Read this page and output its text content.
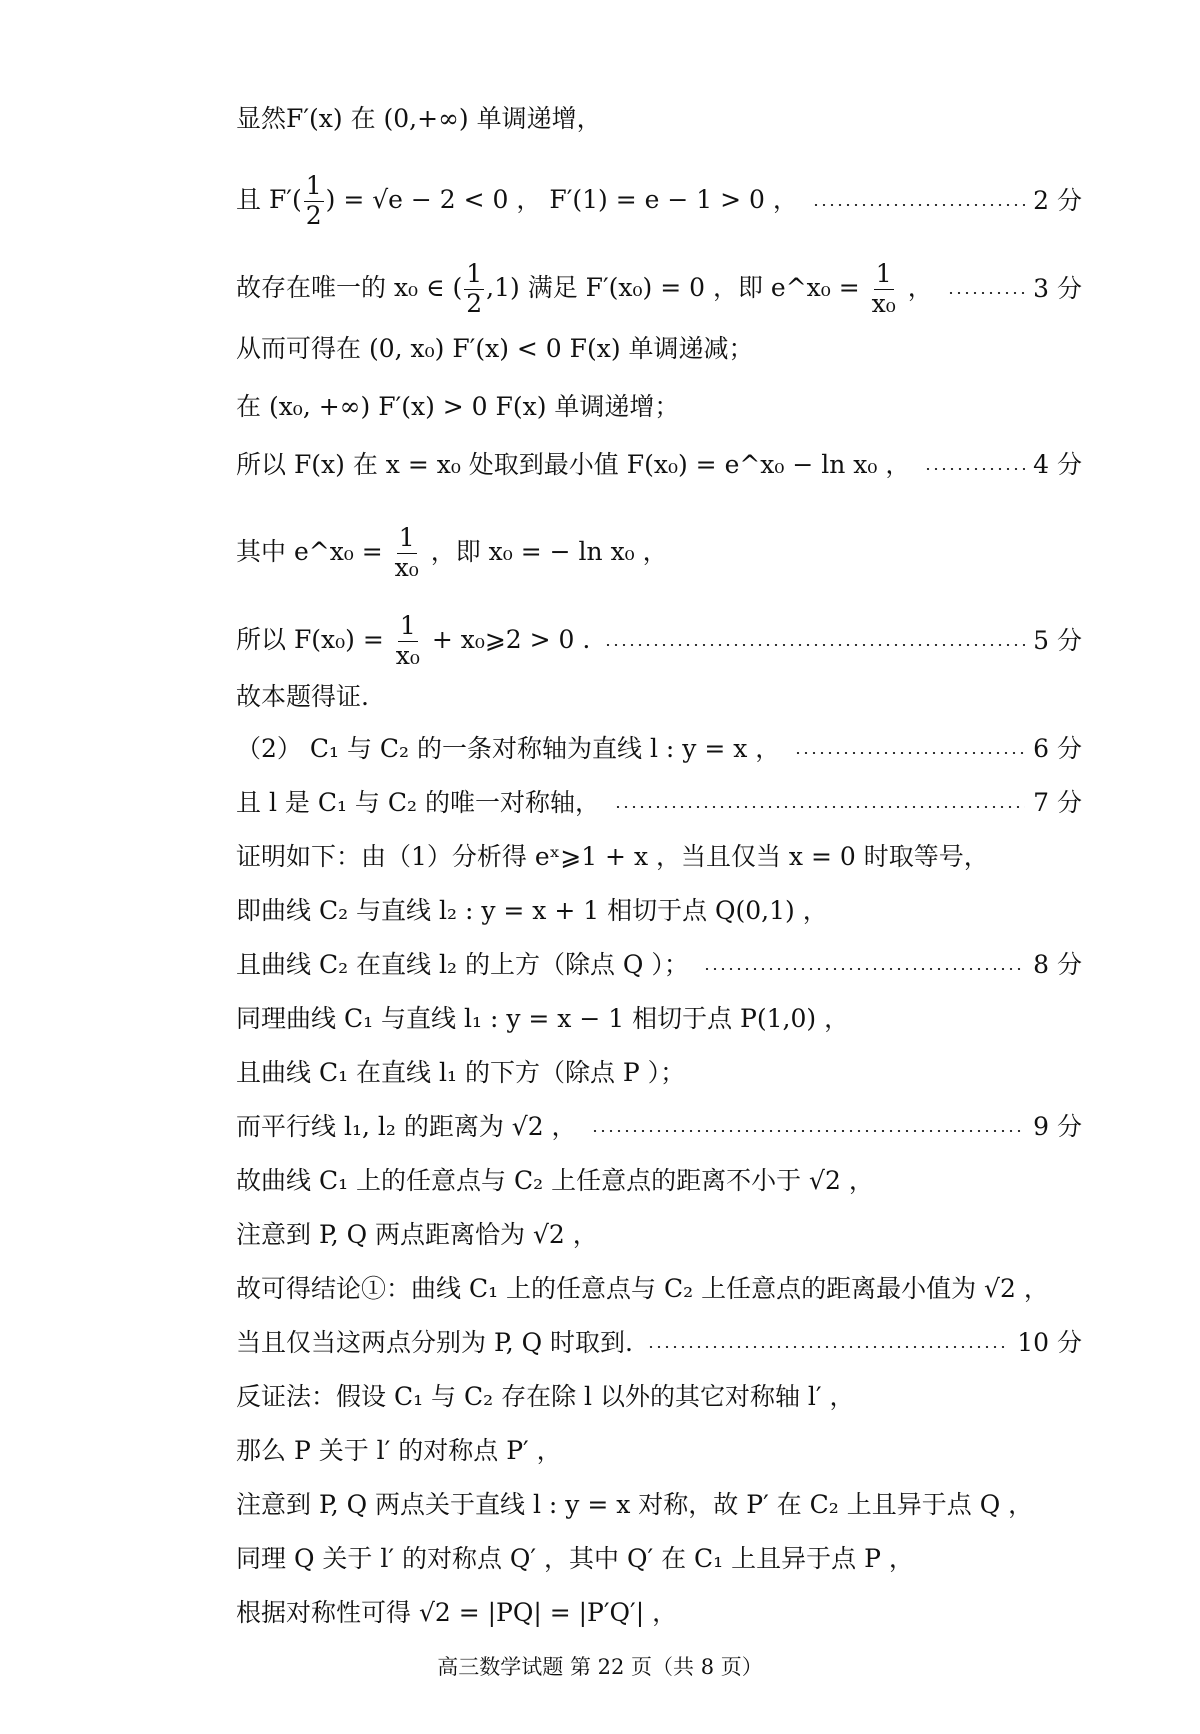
高三数学试题 第 22 页（共 8 页）
显然F′(x) 在 (0,+∞) 单调递增，
且 $F'( \frac{1}{2}$ ) = √e − 2 < 0 ， F′(1) = e − 1 > 0 ，	2 分
故存在唯一的 x₀ ∈ ( $\frac{1}{2} ,1$) 满足 F′(x₀) = 0 ，即 e^x₀ = $\frac{1}{\text{x₀}}$ ，	3 分
从而可得在 (0, x₀) F′(x) < 0 F(x) 单调递减；
在 (x₀, +∞) F′(x) > 0 F(x) 单调递增；
所以 F(x) 在 x = x₀ 处取到最小值 F(x₀) = e^x₀ − ln x₀ ，	4 分
其中 e^x₀ = $\frac{1}{\text{x₀}}$ ，即 x₀ = − ln x₀ ，
所以 $F(x_0) = \frac{1}{\text{x₀}}$ + x₀⩾2 > 0 .	5 分
故本题得证.
（2） C₁ 与 C₂ 的一条对称轴为直线 l : y = x ，	6 分
且 l 是 C₁ 与 C₂ 的唯一对称轴，	7 分
证明如下：由（1）分析得 eˣ⩾1 + x ，当且仅当 x = 0 时取等号，
即曲线 C₂ 与直线 l₂ : y = x + 1 相切于点 Q(0,1) ，
且曲线 C₂ 在直线 l₂ 的上方（除点 Q ）；	8 分
同理曲线 C₁ 与直线 l₁ : y = x − 1 相切于点 P(1,0) ，
且曲线 C₁ 在直线 l₁ 的下方（除点 P ）；
而平行线 l₁, l₂ 的距离为 √2 ，	9 分
故曲线 C₁ 上的任意点与 C₂ 上任意点的距离不小于 √2 ，
注意到 P, Q 两点距离恰为 √2 ，
故可得结论①：曲线 C₁ 上的任意点与 C₂ 上任意点的距离最小值为 √2 ，
当且仅当这两点分别为 P, Q 时取到.	10 分
反证法：假设 C₁ 与 C₂ 存在除 l 以外的其它对称轴 l′ ，
那么 P 关于 l′ 的对称点 P′ ，
注意到 P, Q 两点关于直线 l : y = x 对称，故 P′ 在 C₂ 上且异于点 Q ，
同理 Q 关于 l′ 的对称点 Q′ ，其中 Q′ 在 C₁ 上且异于点 P ，
根据对称性可得 √2 = |PQ| = |P′Q′| ，
